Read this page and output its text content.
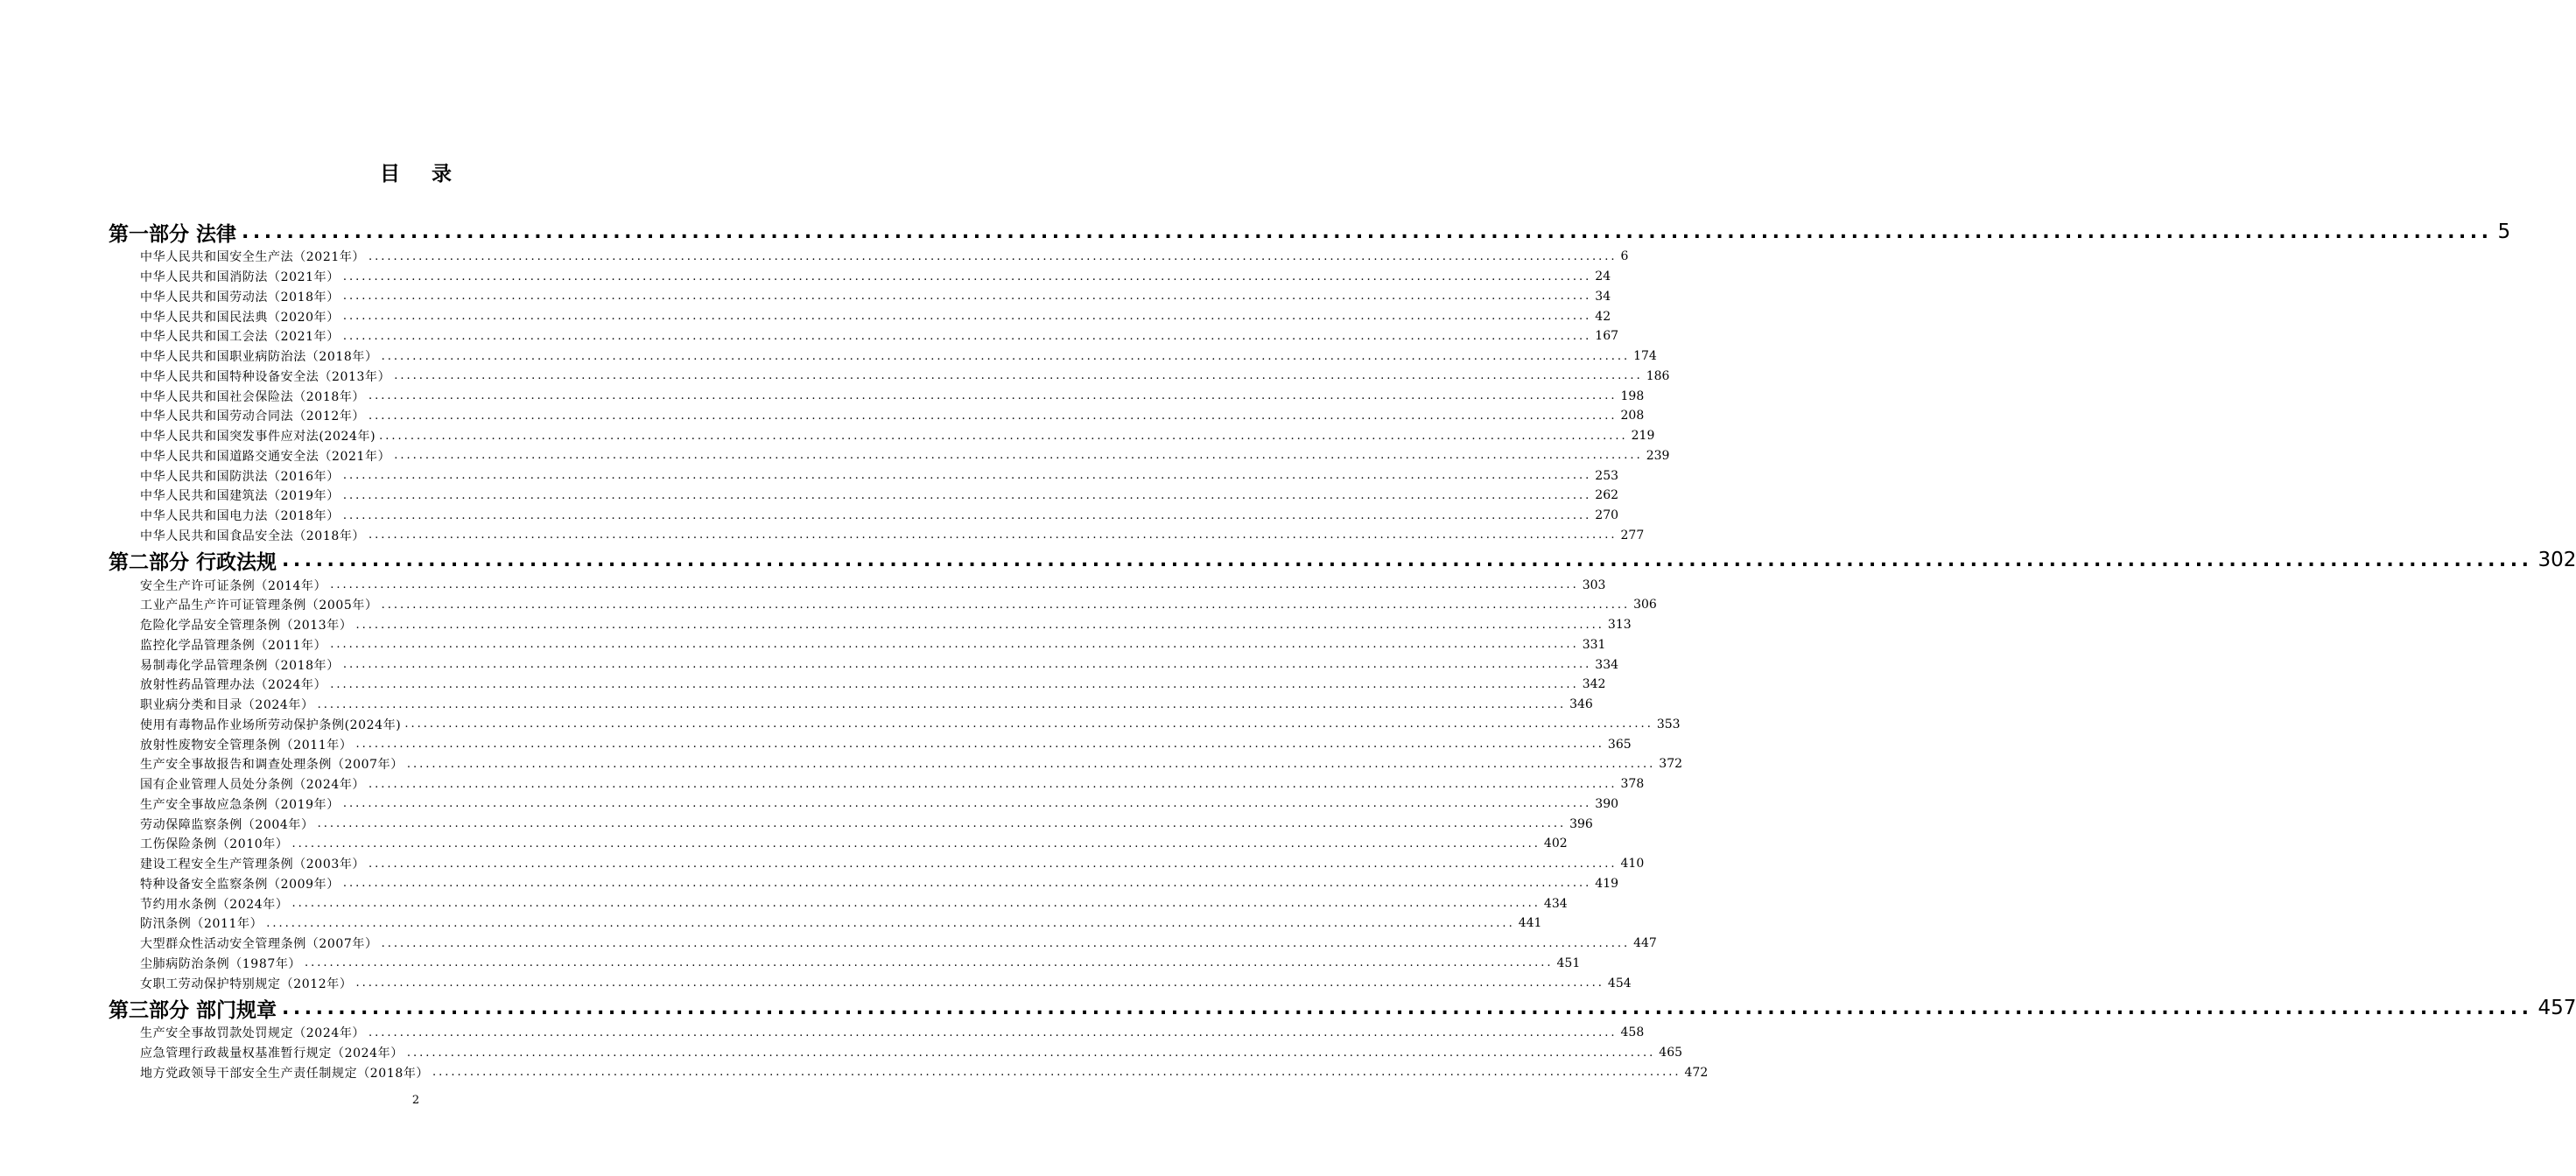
目 录
第一部分 法律 ........................................................................................................................................................................................................ 5
中华人民共和国安全生产法（2021年） ........................................................................................................................................................................................................ 6
中华人民共和国消防法（2021年） ........................................................................................................................................................................................................ 24
中华人民共和国劳动法（2018年） ........................................................................................................................................................................................................ 34
中华人民共和国民法典（2020年） ........................................................................................................................................................................................................ 42
中华人民共和国工会法（2021年） ........................................................................................................................................................................................................ 167
中华人民共和国职业病防治法（2018年） ........................................................................................................................................................................................................ 174
中华人民共和国特种设备安全法（2013年） ........................................................................................................................................................................................................ 186
中华人民共和国社会保险法（2018年） ........................................................................................................................................................................................................ 198
中华人民共和国劳动合同法（2012年） ........................................................................................................................................................................................................ 208
中华人民共和国突发事件应对法(2024年) ........................................................................................................................................................................................................ 219
中华人民共和国道路交通安全法（2021年） ........................................................................................................................................................................................................ 239
中华人民共和国防洪法（2016年） ........................................................................................................................................................................................................ 253
中华人民共和国建筑法（2019年） ........................................................................................................................................................................................................ 262
中华人民共和国电力法（2018年） ........................................................................................................................................................................................................ 270
中华人民共和国食品安全法（2018年） ........................................................................................................................................................................................................ 277
第二部分 行政法规 ........................................................................................................................................................................................................ 302
安全生产许可证条例（2014年） ........................................................................................................................................................................................................ 303
工业产品生产许可证管理条例（2005年） ........................................................................................................................................................................................................ 306
危险化学品安全管理条例（2013年） ........................................................................................................................................................................................................ 313
监控化学品管理条例（2011年） ........................................................................................................................................................................................................ 331
易制毒化学品管理条例（2018年） ........................................................................................................................................................................................................ 334
放射性药品管理办法（2024年） ........................................................................................................................................................................................................ 342
职业病分类和目录（2024年） ........................................................................................................................................................................................................ 346
使用有毒物品作业场所劳动保护条例(2024年) ........................................................................................................................................................................................................ 353
放射性废物安全管理条例（2011年） ........................................................................................................................................................................................................ 365
生产安全事故报告和调查处理条例（2007年） ........................................................................................................................................................................................................ 372
国有企业管理人员处分条例（2024年） ........................................................................................................................................................................................................ 378
生产安全事故应急条例（2019年） ........................................................................................................................................................................................................ 390
劳动保障监察条例（2004年） ........................................................................................................................................................................................................ 396
工伤保险条例（2010年） ........................................................................................................................................................................................................ 402
建设工程安全生产管理条例（2003年） ........................................................................................................................................................................................................ 410
特种设备安全监察条例（2009年） ........................................................................................................................................................................................................ 419
节约用水条例（2024年） ........................................................................................................................................................................................................ 434
防汛条例（2011年） ........................................................................................................................................................................................................ 441
大型群众性活动安全管理条例（2007年） ........................................................................................................................................................................................................ 447
尘肺病防治条例（1987年） ........................................................................................................................................................................................................ 451
女职工劳动保护特别规定（2012年） ........................................................................................................................................................................................................ 454
第三部分 部门规章 ........................................................................................................................................................................................................ 457
生产安全事故罚款处罚规定（2024年） ........................................................................................................................................................................................................ 458
应急管理行政裁量权基准暂行规定（2024年） ........................................................................................................................................................................................................ 465
地方党政领导干部安全生产责任制规定（2018年） ........................................................................................................................................................................................................ 472
2
